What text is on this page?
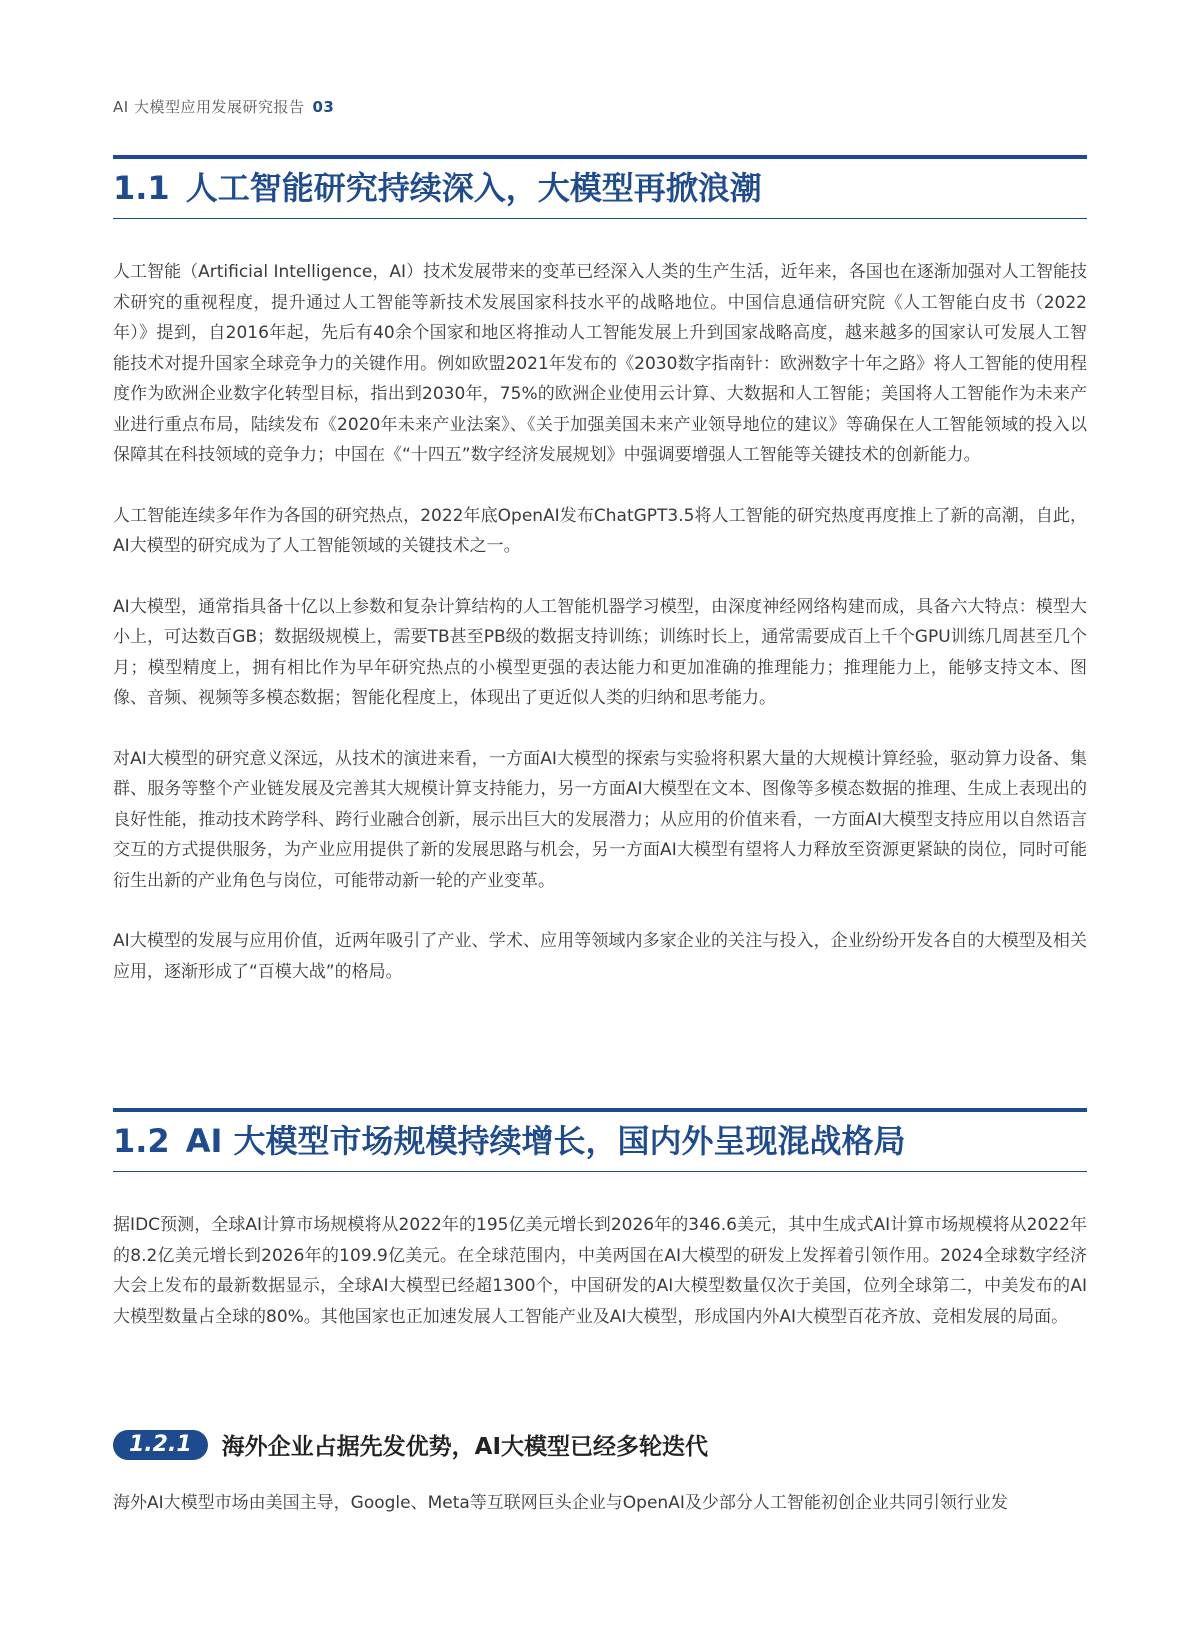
AI 大模型应用发展研究报告 03
1.1 人工智能研究持续深入，大模型再掀浪潮

人工智能（Artificial Intelligence，AI）技术发展带来的变革已经深入人类的生产生活，近年来，各国也在逐渐加强对人工智能技术研究的重视程度，提升通过人工智能等新技术发展国家科技水平的战略地位。中国信息通信研究院《人工智能白皮书（2022年）》提到，自2016年起，先后有40余个国家和地区将推动人工智能发展上升到国家战略高度，越来越多的国家认可发展人工智能技术对提升国家全球竞争力的关键作用。例如欧盟2021年发布的《2030数字指南针：欧洲数字十年之路》将人工智能的使用程度作为欧洲企业数字化转型目标，指出到2030年，75%的欧洲企业使用云计算、大数据和人工智能；美国将人工智能作为未来产业进行重点布局，陆续发布《2020年未来产业法案》、《关于加强美国未来产业领导地位的建议》等确保在人工智能领域的投入以保障其在科技领域的竞争力；中国在《“十四五”数字经济发展规划》中强调要增强人工智能等关键技术的创新能力。

人工智能连续多年作为各国的研究热点，2022年底OpenAI发布ChatGPT3.5将人工智能的研究热度再度推上了新的高潮，自此，AI大模型的研究成为了人工智能领域的关键技术之一。

AI大模型，通常指具备十亿以上参数和复杂计算结构的人工智能机器学习模型，由深度神经网络构建而成，具备六大特点：模型大小上，可达数百GB；数据级规模上，需要TB甚至PB级的数据支持训练；训练时长上，通常需要成百上千个GPU训练几周甚至几个月；模型精度上，拥有相比作为早年研究热点的小模型更强的表达能力和更加准确的推理能力；推理能力上，能够支持文本、图像、音频、视频等多模态数据；智能化程度上，体现出了更近似人类的归纳和思考能力。

对AI大模型的研究意义深远，从技术的演进来看，一方面AI大模型的探索与实验将积累大量的大规模计算经验，驱动算力设备、集群、服务等整个产业链发展及完善其大规模计算支持能力，另一方面AI大模型在文本、图像等多模态数据的推理、生成上表现出的良好性能，推动技术跨学科、跨行业融合创新，展示出巨大的发展潜力；从应用的价值来看，一方面AI大模型支持应用以自然语言交互的方式提供服务，为产业应用提供了新的发展思路与机会，另一方面AI大模型有望将人力释放至资源更紧缺的岗位，同时可能衍生出新的产业角色与岗位，可能带动新一轮的产业变革。

AI大模型的发展与应用价值，近两年吸引了产业、学术、应用等领域内多家企业的关注与投入，企业纷纷开发各自的大模型及相关应用，逐渐形成了“百模大战”的格局。

1.2 AI 大模型市场规模持续增长，国内外呈现混战格局

据IDC预测，全球AI计算市场规模将从2022年的195亿美元增长到2026年的346.6美元，其中生成式AI计算市场规模将从2022年的8.2亿美元增长到2026年的109.9亿美元。在全球范围内，中美两国在AI大模型的研发上发挥着引领作用。2024全球数字经济大会上发布的最新数据显示，全球AI大模型已经超1300个，中国研发的AI大模型数量仅次于美国，位列全球第二，中美发布的AI大模型数量占全球的80%。其他国家也正加速发展人工智能产业及AI大模型，形成国内外AI大模型百花齐放、竞相发展的局面。

1.2.1	海外企业占据先发优势，AI大模型已经多轮迭代

海外AI大模型市场由美国主导，Google、Meta等互联网巨头企业与OpenAI及少部分人工智能初创企业共同引领行业发
